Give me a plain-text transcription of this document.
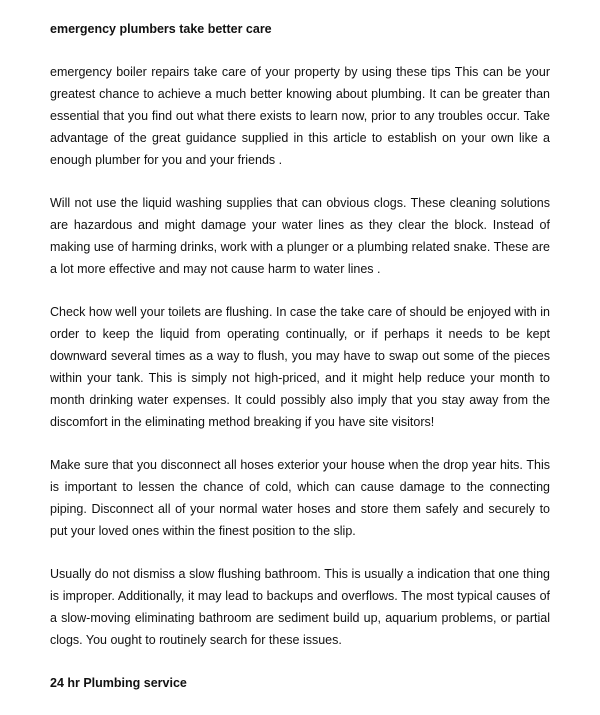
emergency plumbers take better care

emergency boiler repairs take care of your property by using these tips This can be your greatest chance to achieve a much better knowing about plumbing. It can be greater than essential that you find out what there exists to learn now, prior to any troubles occur. Take advantage of the great guidance supplied in this article to establish on your own like a enough plumber for you and your friends .

Will not use the liquid washing supplies that can obvious clogs. These cleaning solutions are hazardous and might damage your water lines as they clear the block. Instead of making use of harming drinks, work with a plunger or a plumbing related snake. These are a lot more effective and may not cause harm to water lines .

Check how well your toilets are flushing. In case the take care of should be enjoyed with in order to keep the liquid from operating continually, or if perhaps it needs to be kept downward several times as a way to flush, you may have to swap out some of the pieces within your tank. This is simply not high-priced, and it might help reduce your month to month drinking water expenses. It could possibly also imply that you stay away from the discomfort in the eliminating method breaking if you have site visitors!

Make sure that you disconnect all hoses exterior your house when the drop year hits. This is important to lessen the chance of cold, which can cause damage to the connecting piping. Disconnect all of your normal water hoses and store them safely and securely to put your loved ones within the finest position to the slip.

Usually do not dismiss a slow flushing bathroom. This is usually a indication that one thing is improper. Additionally, it may lead to backups and overflows. The most typical causes of a slow-moving eliminating bathroom are sediment build up, aquarium problems, or partial clogs. You ought to routinely search for these issues.

24 hr Plumbing service
